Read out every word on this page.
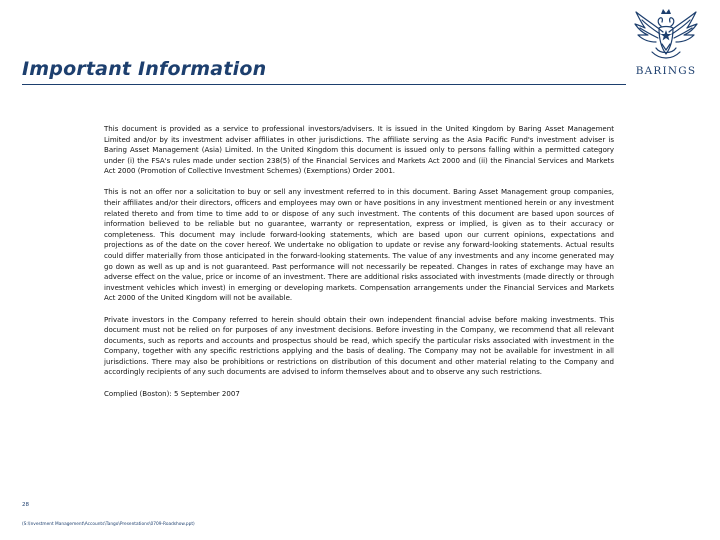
Important Information	BARINGS

This document is provided as a service to professional investors/advisers. It is issued in the United Kingdom by Baring Asset Management Limited and/or by its investment adviser affiliates in other jurisdictions. The affiliate serving as the Asia Pacific Fund's investment adviser is Baring Asset Management (Asia) Limited. In the United Kingdom this document is issued only to persons falling within a permitted category under (i) the FSA's rules made under section 238(5) of the Financial Services and Markets Act 2000 and (ii) the Financial Services and Markets Act 2000 (Promotion of Collective Investment Schemes) (Exemptions) Order 2001.

This is not an offer nor a solicitation to buy or sell any investment referred to in this document. Baring Asset Management group companies, their affiliates and/or their directors, officers and employees may own or have positions in any investment mentioned herein or any investment related thereto and from time to time add to or dispose of any such investment. The contents of this document are based upon sources of information believed to be reliable but no guarantee, warranty or representation, express or implied, is given as to their accuracy or completeness. This document may include forward-looking statements, which are based upon our current opinions, expectations and projections as of the date on the cover hereof. We undertake no obligation to update or revise any forward-looking statements. Actual results could differ materially from those anticipated in the forward-looking statements. The value of any investments and any income generated may go down as well as up and is not guaranteed. Past performance will not necessarily be repeated. Changes in rates of exchange may have an adverse effect on the value, price or income of an investment. There are additional risks associated with investments (made directly or through investment vehicles which invest) in emerging or developing markets. Compensation arrangements under the Financial Services and Markets Act 2000 of the United Kingdom will not be available.

Private investors in the Company referred to herein should obtain their own independent financial advise before making investments. This document must not be relied on for purposes of any investment decisions. Before investing in the Company, we recommend that all relevant documents, such as reports and accounts and prospectus should be read, which specify the particular risks associated with investment in the Company, together with any specific restrictions applying and the basis of dealing. The Company may not be available for investment in all jurisdictions. There may also be prohibitions or restrictions on distribution of this document and other material relating to the Company and accordingly recipients of any such documents are advised to inform themselves about and to observe any such restrictions.

Complied (Boston): 5 September 2007

28
(S:\Investment Management\Accounts\Tango\Presentations\0709-Roadshow.ppt)
